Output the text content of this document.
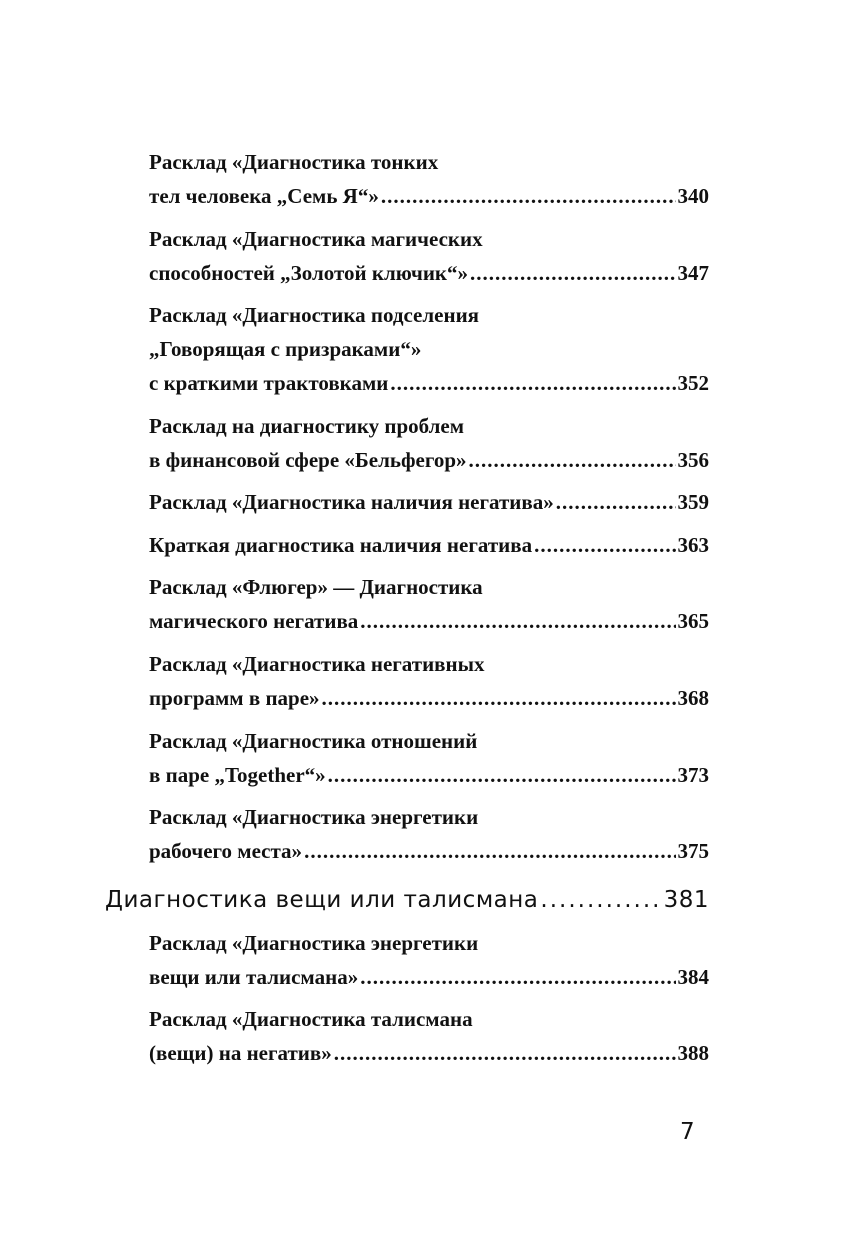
Расклад «Диагностика тонких
тел человека „Семь Я“» .....	340
Расклад «Диагностика магических
способностей „Золотой ключик“» .....	347
Расклад «Диагностика подселения
„Говорящая с призраками“»
с краткими трактовками .....	352
Расклад на диагностику проблем
в финансовой сфере «Бельфегор» .....	356
Расклад «Диагностика наличия негатива» .....	359
Краткая диагностика наличия негатива .....	363
Расклад «Флюгер» — Диагностика
магического негатива .....	365
Расклад «Диагностика негативных
программ в паре» .....	368
Расклад «Диагностика отношений
в паре „Together“» .....	373
Расклад «Диагностика энергетики
рабочего места» .....	375
Диагностика вещи или талисмана .....	381
Расклад «Диагностика энергетики
вещи или талисмана» .....	384
Расклад «Диагностика талисмана
(вещи) на негатив» .....	388
7
